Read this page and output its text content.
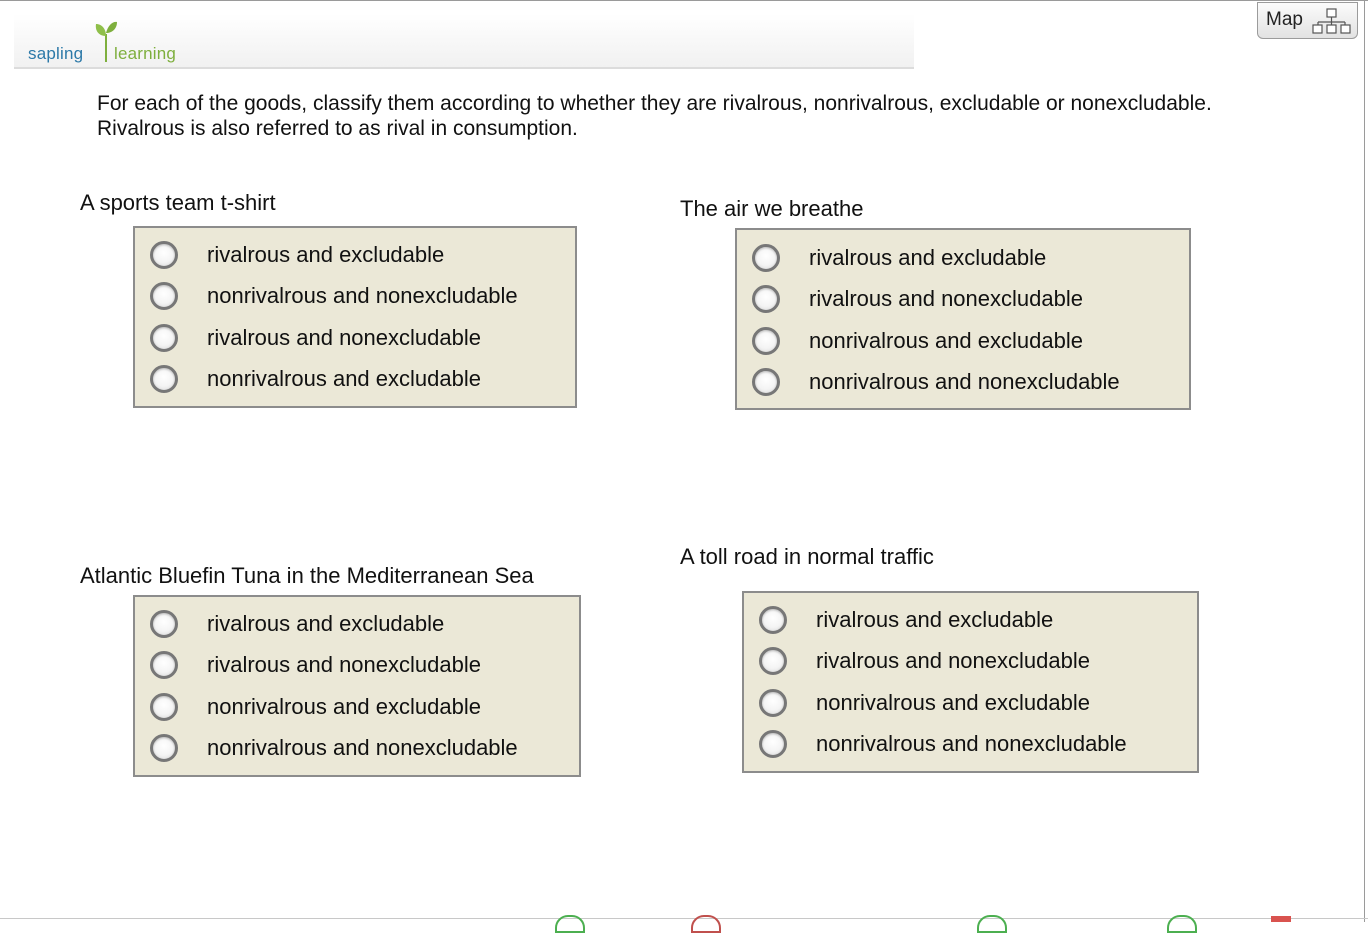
sapling learning
Map
For each of the goods, classify them according to whether they are rivalrous, nonrivalrous, excludable or nonexcludable. Rivalrous is also referred to as rival in consumption.
A sports team t-shirt
rivalrous and excludable
nonrivalrous and nonexcludable
rivalrous and nonexcludable
nonrivalrous and excludable
The air we breathe
rivalrous and excludable
rivalrous and nonexcludable
nonrivalrous and excludable
nonrivalrous and nonexcludable
Atlantic Bluefin Tuna in the Mediterranean Sea
rivalrous and excludable
rivalrous and nonexcludable
nonrivalrous and excludable
nonrivalrous and nonexcludable
A toll road in normal traffic
rivalrous and excludable
rivalrous and nonexcludable
nonrivalrous and excludable
nonrivalrous and nonexcludable
